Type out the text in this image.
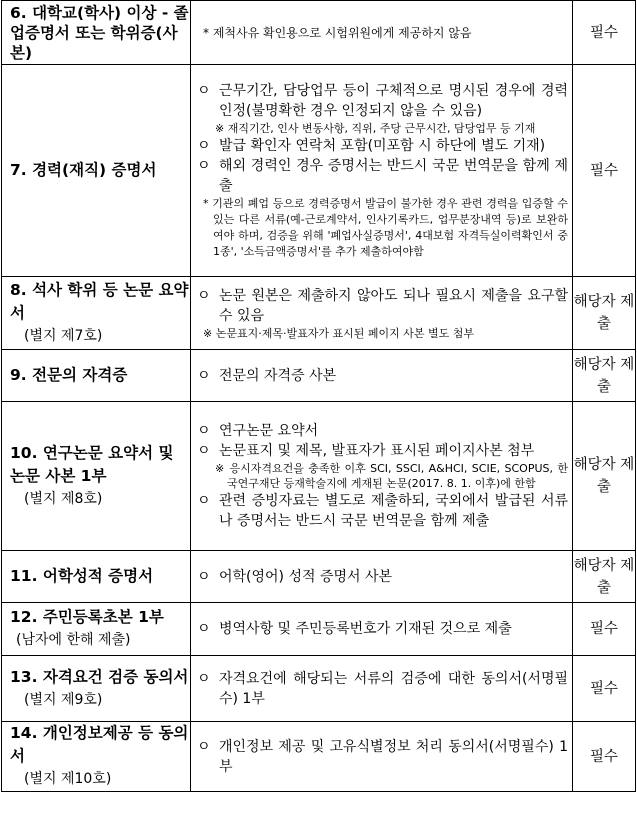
6. 대학교(학사) 이상 - 졸업증명서 또는 학위증(사본)	* 제척사유 확인용으로 시험위원에게 제공하지 않음	필수
7. 경력(재직) 증명서	ㅇ 근무기간, 담당업무 등이 구체적으로 명시된 경우에 경력 인정(불명확한 경우 인정되지 않을 수 있음)
※ 재직기간, 인사 변동사항, 직위, 주당 근무시간, 담당업무 등 기재
ㅇ 발급 확인자 연락처 포함(미포함 시 하단에 별도 기재)
ㅇ 해외 경력인 경우 증명서는 반드시 국문 번역문을 함께 제출
* 기관의 폐업 등으로 경력증명서 발급이 불가한 경우 관련 경력을 입증할 수 있는 다른 서류(예-근로계약서, 인사기록카드, 업무분장내역 등)로 보완하여야 하며, 검증을 위해 '폐업사실증명서', 4대보험 자격득실이력확인서 중 1종', '소득금액증명서'를 추가 제출하여야함	필수
8. 석사 학위 등 논문 요약서
(별지 제7호)	ㅇ 논문 원본은 제출하지 않아도 되나 필요시 제출을 요구할 수 있음
※ 논문표지·제목·발표자가 표시된 페이지 사본 별도 첨부	해당자 제출
9. 전문의 자격증	ㅇ 전문의 자격증 사본	해당자 제출
10. 연구논문 요약서 및 논문 사본 1부
(별지 제8호)	ㅇ 연구논문 요약서
ㅇ 논문표지 및 제목, 발표자가 표시된 페이지사본 첨부
※ 응시자격요건을 충족한 이후 SCI, SSCI, A&HCI, SCIE, SCOPUS, 한국연구재단 등재학술지에 게재된 논문(2017. 8. 1. 이후)에 한함
ㅇ 관련 증빙자료는 별도로 제출하되, 국외에서 발급된 서류나 증명서는 반드시 국문 번역문을 함께 제출	해당자 제출
11. 어학성적 증명서	ㅇ 어학(영어) 성적 증명서 사본	해당자 제출
12. 주민등록초본 1부
(남자에 한해 제출)	ㅇ 병역사항 및 주민등록번호가 기재된 것으로 제출	필수
13. 자격요건 검증 동의서
(별지 제9호)	ㅇ 자격요건에 해당되는 서류의 검증에 대한 동의서(서명필수) 1부	필수
14. 개인정보제공 등 동의서
(별지 제10호)	ㅇ 개인정보 제공 및 고유식별정보 처리 동의서(서명필수) 1부	필수
